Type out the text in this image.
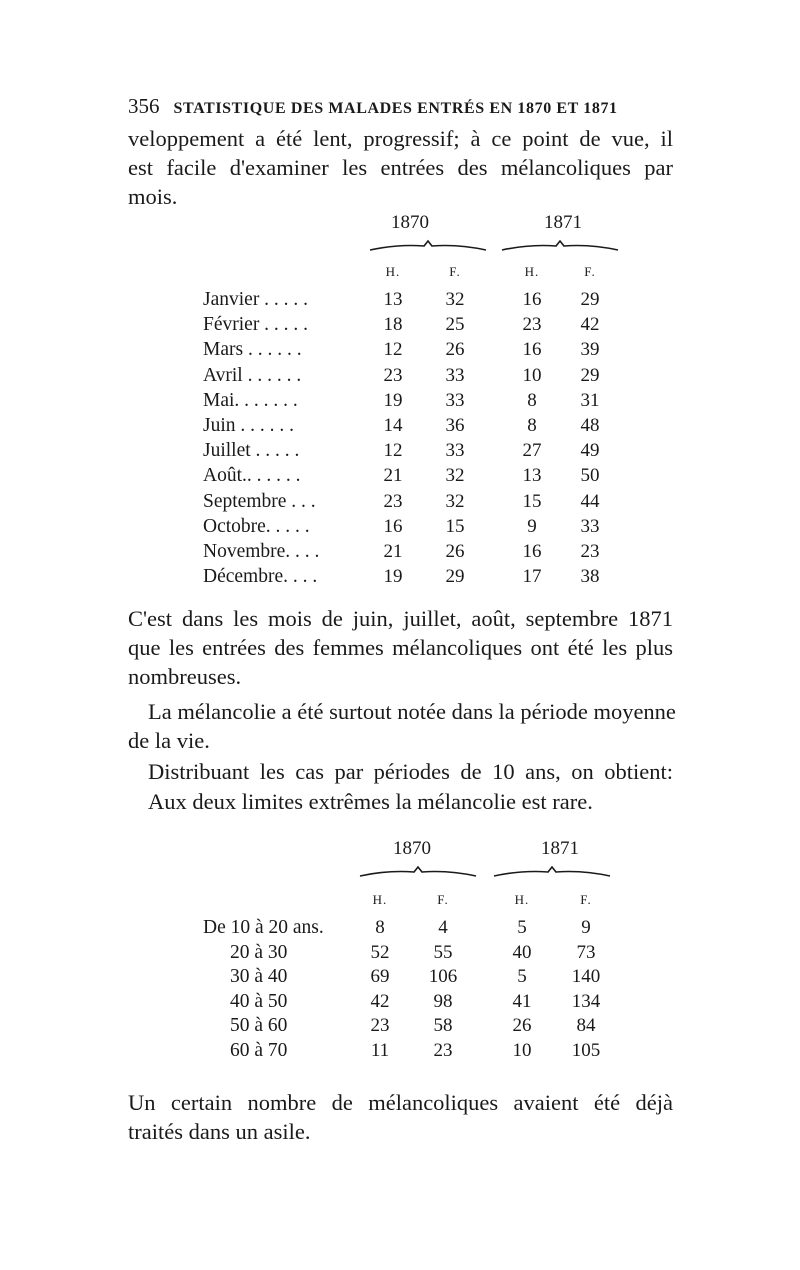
356 STATISTIQUE DES MALADES ENTRÉS EN 1870 ET 1871

veloppement a été lent, progressif; à ce point de vue, il
est facile d'examiner les entrées des mélancoliques par
mois.

1870	1871
H.	F.	H.	F.
Janvier . . . . .	13	32	16	29
Février . . . . .	18	25	23	42
Mars . . . . . .	12	26	16	39
Avril . . . . . .	23	33	10	29
Mai. . . . . . .	19	33	8	31
Juin . . . . . .	14	36	8	48
Juillet . . . . .	12	33	27	49
Août.. . . . . .	21	32	13	50
Septembre . . .	23	32	15	44
Octobre. . . . .	16	15	9	33
Novembre. . . .	21	26	16	23
Décembre. . . .	19	29	17	38

C'est dans les mois de juin, juillet, août, septembre 1871
que les entrées des femmes mélancoliques ont été les plus
nombreuses.

La mélancolie a été surtout notée dans la période moyenne

de la vie.

Distribuant les cas par périodes de 10 ans, on obtient:

Aux deux limites extrêmes la mélancolie est rare.

1870	1871
H.	F.	H.	F.
De 10 à 20 ans.	8	4	5	9
20 à 30	52	55	40	73
30 à 40	69	106	5	140
40 à 50	42	98	41	134
50 à 60	23	58	26	84
60 à 70	11	23	10	105

Un certain nombre de mélancoliques avaient été déjà
traités dans un asile.
